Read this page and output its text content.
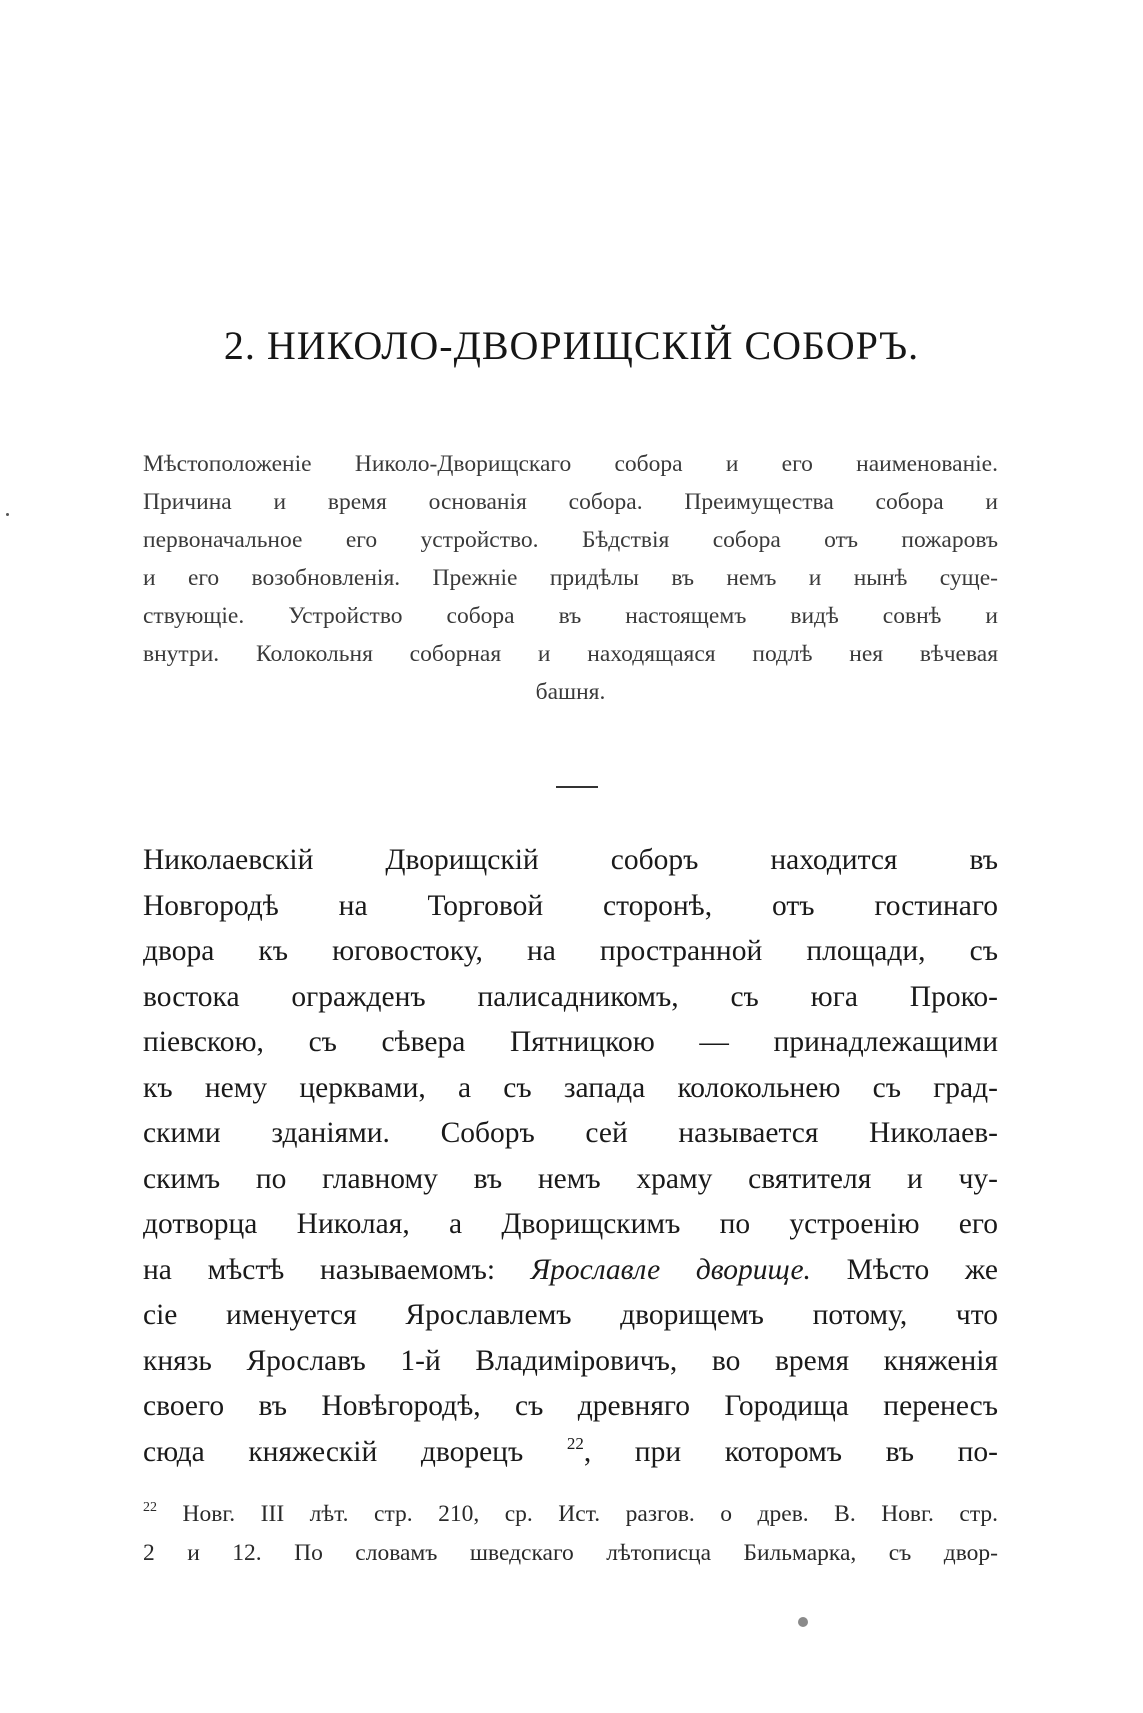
2. НИКОЛО-ДВОРИЩСКІЙ СОБОРЪ.
Мѣстоположеніе Николо-Дворищскаго собора и его наименованіе.
Причина и время основанія собора. Преимущества собора и
первоначальное его устройство. Бѣдствія собора отъ пожаровъ
и его возобновленія. Прежніе придѣлы въ немъ и нынѣ суще-
ствующіе. Устройство собора въ настоящемъ видѣ совнѣ и
внутри. Колокольня соборная и находящаяся подлѣ нея вѣчевая
башня.
Николаевскій Дворищскій соборъ находится въ
Новгородѣ на Торговой сторонѣ, отъ гостинаго
двора къ юговостоку, на пространной площади, съ
востока огражденъ палисадникомъ, съ юга Проко-
піевскою, съ сѣвера Пятницкою — принадлежащими
къ нему церквами, а съ запада колокольнею съ град-
скими зданіями. Соборъ сей называется Николаев-
скимъ по главному въ немъ храму святителя и чу-
дотворца Николая, а Дворищскимъ по устроенію его
на мѣстѣ называемомъ: Ярославле дворище. Мѣсто же
сіе именуется Ярославлемъ дворищемъ потому, что
князь Ярославъ 1-й Владиміровичъ, во время княженія
своего въ Новѣгородѣ, съ древняго Городища перенесъ
сюда княжескій дворецъ $^{22}$, при которомъ въ по-
$^{22}$ Новг. III лѣт. стр. 210, ср. Ист. разгов. о древ. В. Новг. стр.
2 и 12. По словамъ шведскаго лѣтописца Бильмарка, съ двор-
